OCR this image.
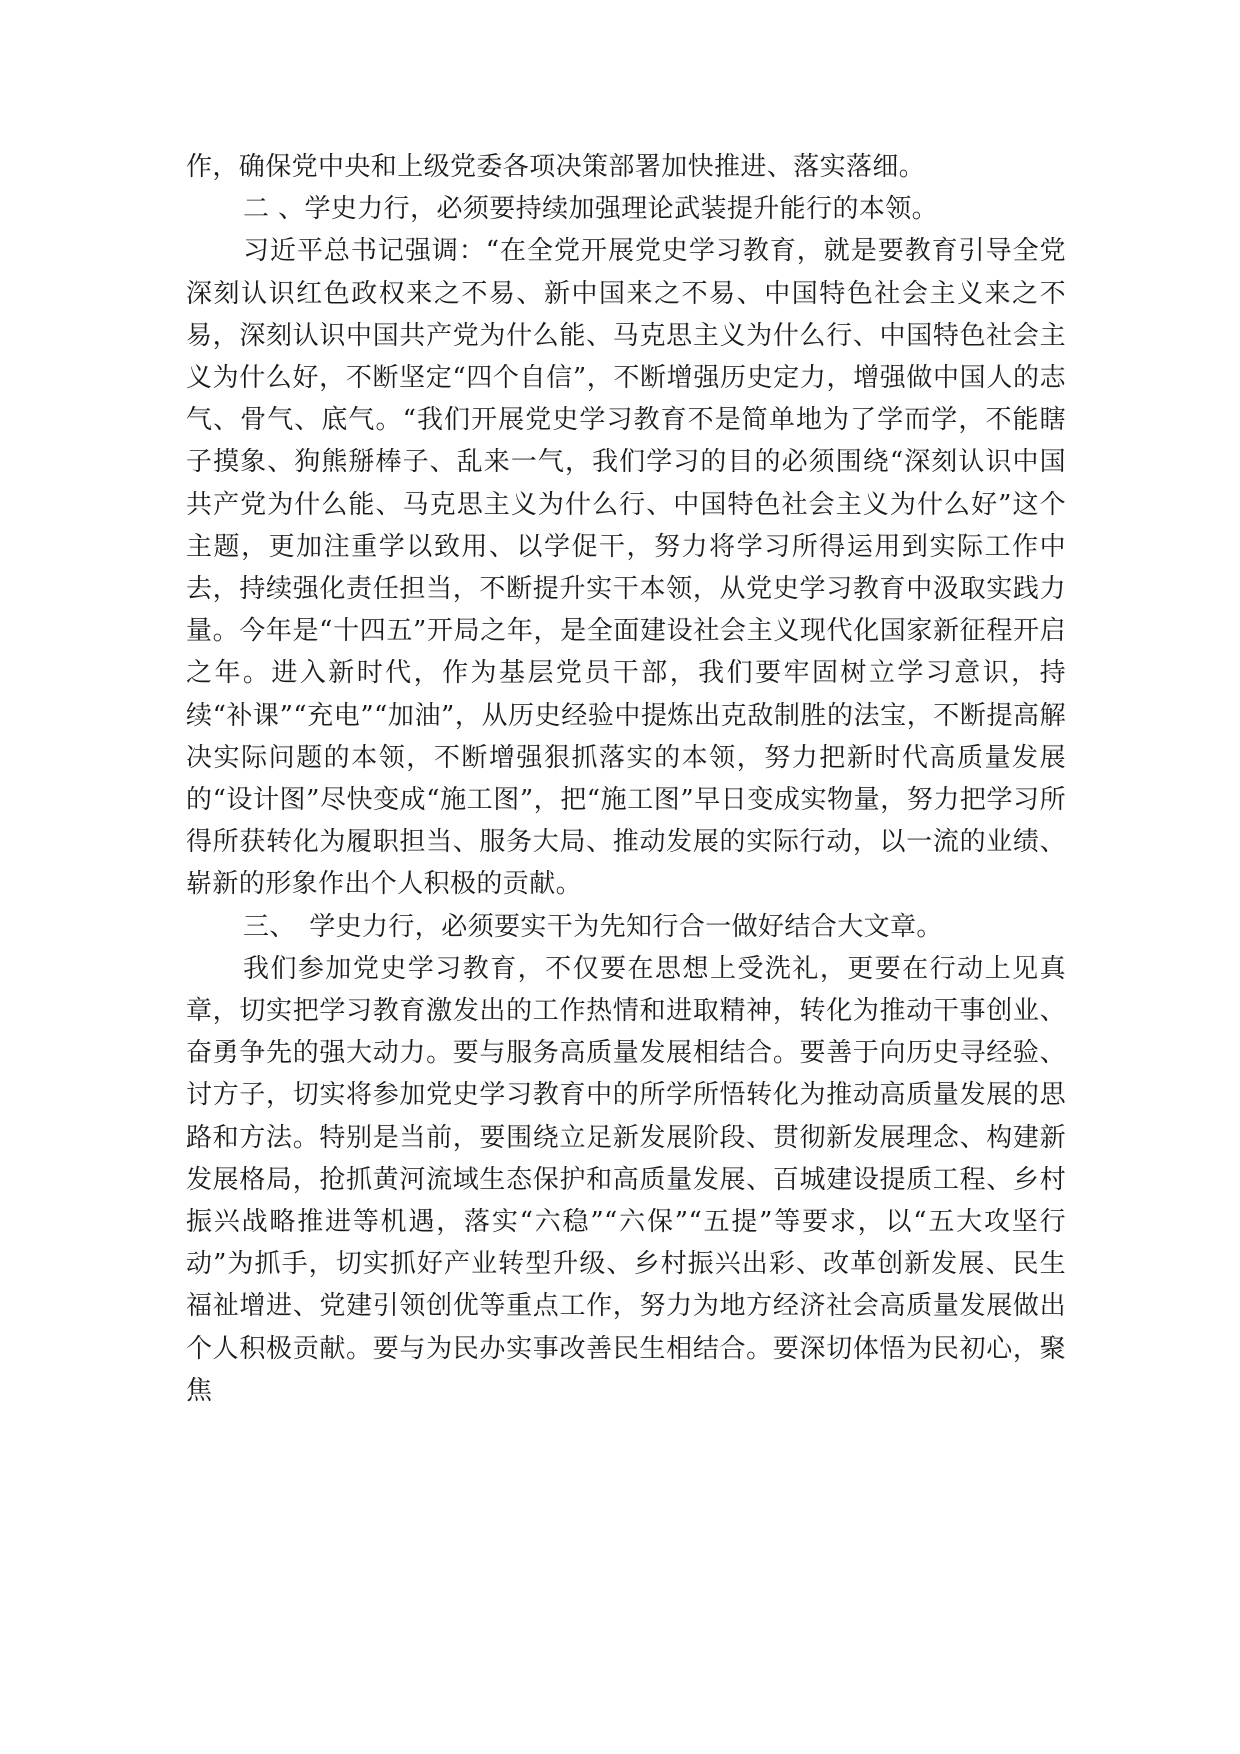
作，确保党中央和上级党委各项决策部署加快推进、落实落细。

二 、学史力行，必须要持续加强理论武装提升能行的本领。

习近平总书记强调：“在全党开展党史学习教育，就是要教育引导全党深刻认识红色政权来之不易、新中国来之不易、中国特色社会主义来之不易，深刻认识中国共产党为什么能、马克思主义为什么行、中国特色社会主义为什么好，不断坚定“四个自信”，不断增强历史定力，增强做中国人的志气、骨气、底气。“我们开展党史学习教育不是简单地为了学而学，不能瞎子摸象、狗熊掰棒子、乱来一气，我们学习的目的必须围绕“深刻认识中国共产党为什么能、马克思主义为什么行、中国特色社会主义为什么好”这个主题，更加注重学以致用、以学促干，努力将学习所得运用到实际工作中去，持续强化责任担当，不断提升实干本领，从党史学习教育中汲取实践力量。今年是“十四五”开局之年，是全面建设社会主义现代化国家新征程开启之年。进入新时代，作为基层党员干部，我们要牢固树立学习意识，持续“补课”“充电”“加油”，从历史经验中提炼出克敌制胜的法宝，不断提高解决实际问题的本领，不断增强狠抓落实的本领，努力把新时代高质量发展的“设计图”尽快变成“施工图”，把“施工图”早日变成实物量，努力把学习所得所获转化为履职担当、服务大局、推动发展的实际行动，以一流的业绩、崭新的形象作出个人积极的贡献。

三、　学史力行，必须要实干为先知行合一做好结合大文章。

我们参加党史学习教育，不仅要在思想上受洗礼，更要在行动上见真章，切实把学习教育激发出的工作热情和进取精神，转化为推动干事创业、奋勇争先的强大动力。要与服务高质量发展相结合。要善于向历史寻经验、讨方子，切实将参加党史学习教育中的所学所悟转化为推动高质量发展的思路和方法。特别是当前，要围绕立足新发展阶段、贯彻新发展理念、构建新发展格局，抢抓黄河流域生态保护和高质量发展、百城建设提质工程、乡村振兴战略推进等机遇，落实“六稳”“六保”“五提”等要求，以“五大攻坚行动”为抓手，切实抓好产业转型升级、乡村振兴出彩、改革创新发展、民生福祉增进、党建引领创优等重点工作，努力为地方经济社会高质量发展做出个人积极贡献。要与为民办实事改善民生相结合。要深切体悟为民初心，聚焦
